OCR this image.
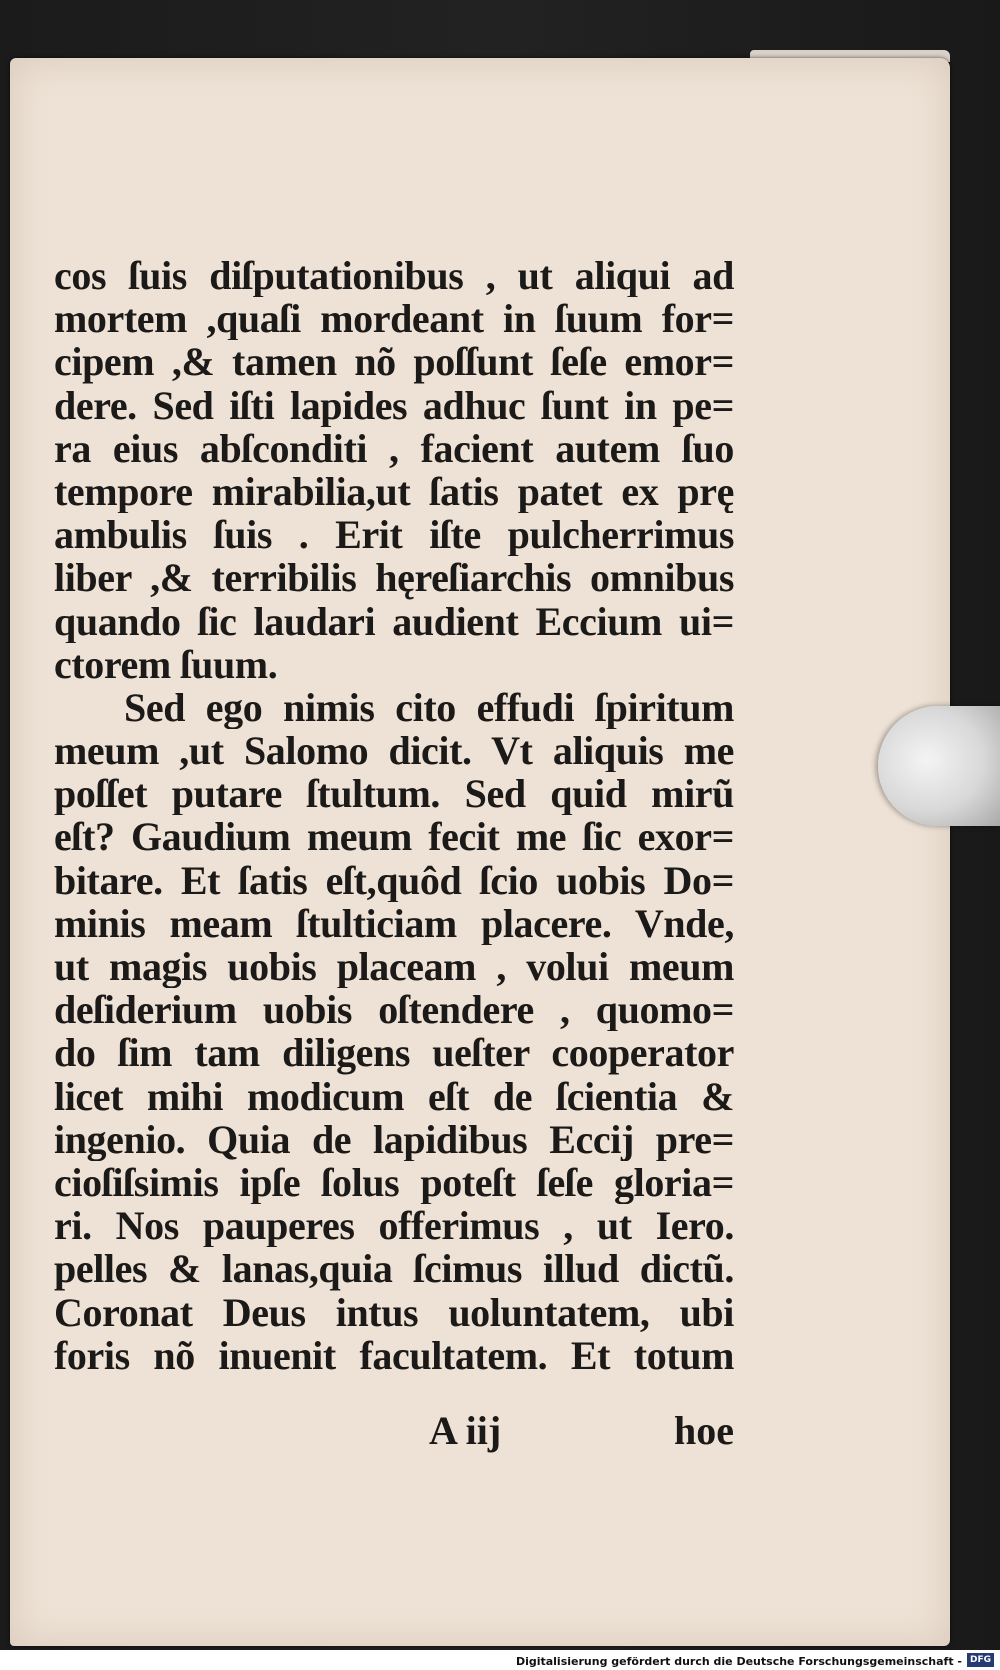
cos ſuis diſputationibus , ut aliqui ad
mortem ,quaſi mordeant in ſuum for=
cipem ,& tamen nõ poſſunt ſeſe emor=
dere. Sed iſti lapides adhuc ſunt in pe=
ra eius abſconditi , facient autem ſuo
tempore mirabilia,ut ſatis patet ex prę
ambulis ſuis . Erit iſte pulcherrimus
liber ,& terribilis hęreſiarchis omnibus
quando ſic laudari audient Eccium ui=
ctorem ſuum.
Sed ego nimis cito effudi ſpiritum
meum ,ut Salomo dicit. Vt aliquis me
poſſet putare ſtultum. Sed quid mirũ
eſt? Gaudium meum fecit me ſic exor=
bitare. Et ſatis eſt,quôd ſcio uobis Do=
minis meam ſtulticiam placere. Vnde,
ut magis uobis placeam , volui meum
deſiderium uobis oſtendere , quomo=
do ſim tam diligens ueſter cooperator
licet mihi modicum eſt de ſcientia &
ingenio. Quia de lapidibus Eccij pre=
cioſiſsimis ipſe ſolus poteſt ſeſe gloria=
ri. Nos pauperes offerimus , ut Iero.
pelles & lanas,quia ſcimus illud dictũ.
Coronat Deus intus uoluntatem, ubi
foris nõ inuenit facultatem. Et totum
A iij	hoe
Digitalisierung gefördert durch die Deutsche Forschungsgemeinschaft - DFG
